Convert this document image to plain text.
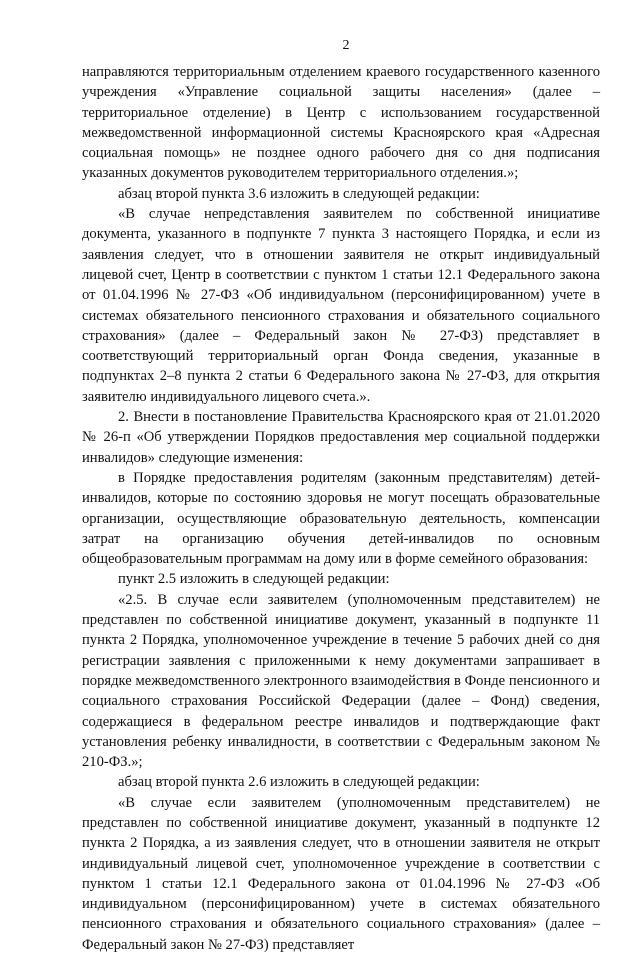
2

направляются территориальным отделением краевого государственного казенного учреждения «Управление социальной защиты населения» (далее – территориальное отделение) в Центр с использованием государственной межведомственной информационной системы Красноярского края «Адресная социальная помощь» не позднее одного рабочего дня со дня подписания указанных документов руководителем территориального отделения.»;

абзац второй пункта 3.6 изложить в следующей редакции:

«В случае непредставления заявителем по собственной инициативе документа, указанного в подпункте 7 пункта 3 настоящего Порядка, и если из заявления следует, что в отношении заявителя не открыт индивидуальный лицевой счет, Центр в соответствии с пунктом 1 статьи 12.1 Федерального закона от 01.04.1996 № 27-ФЗ «Об индивидуальном (персонифицированном) учете в системах обязательного пенсионного страхования и обязательного социального страхования» (далее – Федеральный закон № 27-ФЗ) представляет в соответствующий территориальный орган Фонда сведения, указанные в подпунктах 2–8 пункта 2 статьи 6 Федерального закона № 27-ФЗ, для открытия заявителю индивидуального лицевого счета.».

2. Внести в постановление Правительства Красноярского края от 21.01.2020 № 26-п «Об утверждении Порядков предоставления мер социальной поддержки инвалидов» следующие изменения:

в Порядке предоставления родителям (законным представителям) детей-инвалидов, которые по состоянию здоровья не могут посещать образовательные организации, осуществляющие образовательную деятельность, компенсации затрат на организацию обучения детей-инвалидов по основным общеобразовательным программам на дому или в форме семейного образования:

пункт 2.5 изложить в следующей редакции:

«2.5. В случае если заявителем (уполномоченным представителем) не представлен по собственной инициативе документ, указанный в подпункте 11 пункта 2 Порядка, уполномоченное учреждение в течение 5 рабочих дней со дня регистрации заявления с приложенными к нему документами запрашивает в порядке межведомственного электронного взаимодействия в Фонде пенсионного и социального страхования Российской Федерации (далее – Фонд) сведения, содержащиеся в федеральном реестре инвалидов и подтверждающие факт установления ребенку инвалидности, в соответствии с Федеральным законом № 210-ФЗ.»;

абзац второй пункта 2.6 изложить в следующей редакции:

«В случае если заявителем (уполномоченным представителем) не представлен по собственной инициативе документ, указанный в подпункте 12 пункта 2 Порядка, а из заявления следует, что в отношении заявителя не открыт индивидуальный лицевой счет, уполномоченное учреждение в соответствии с пунктом 1 статьи 12.1 Федерального закона от 01.04.1996 № 27-ФЗ «Об индивидуальном (персонифицированном) учете в системах обязательного пенсионного страхования и обязательного социального страхования» (далее – Федеральный закон № 27-ФЗ) представляет
